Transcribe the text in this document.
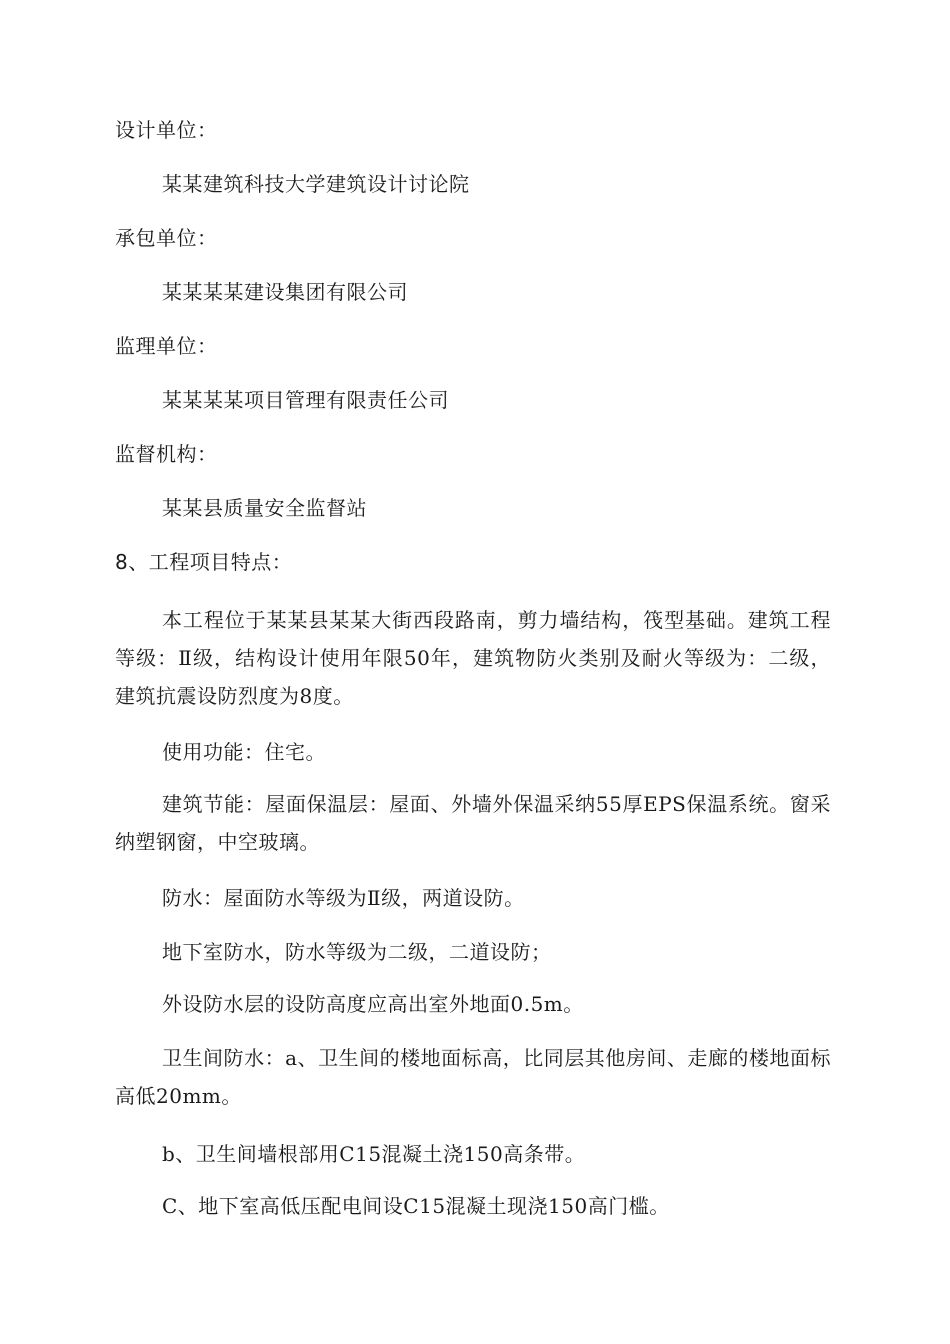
设计单位：
某某建筑科技大学建筑设计讨论院
承包单位：
某某某某建设集团有限公司
监理单位：
某某某某项目管理有限责任公司
监督机构：
某某县质量安全监督站
8、工程项目特点：
本工程位于某某县某某大街西段路南，剪力墙结构，筏型基础。建筑工程等级：Ⅱ级，结构设计使用年限50年，建筑物防火类别及耐火等级为：二级，建筑抗震设防烈度为8度。
使用功能：住宅。
建筑节能：屋面保温层：屋面、外墙外保温采纳55厚EPS保温系统。窗采纳塑钢窗，中空玻璃。
防水：屋面防水等级为Ⅱ级，两道设防。
地下室防水，防水等级为二级，二道设防；
外设防水层的设防高度应高出室外地面0.5m。
卫生间防水：a、卫生间的楼地面标高，比同层其他房间、走廊的楼地面标高低20mm。
b、卫生间墙根部用C15混凝土浇150高条带。
C、地下室高低压配电间设C15混凝土现浇150高门槛。
